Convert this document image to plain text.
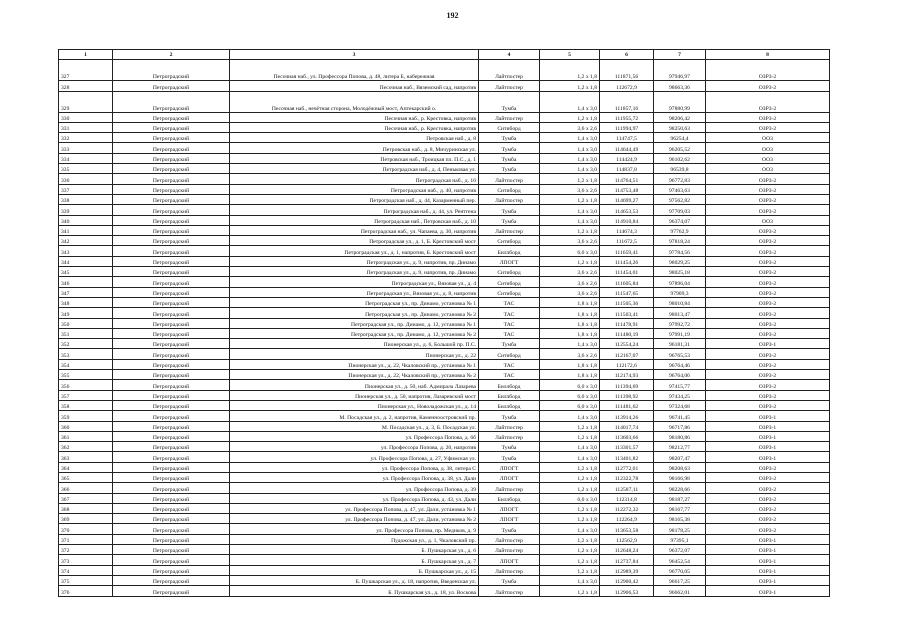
192
1	2	3	4	5	6	7	8
327	Петроградский	Песочная наб., ул. Профессора Попова, д. 48, литера Б, набережная	Лайтпостер	1,2 x 1,8	111871,56	97946,97	ОЗРЗ-2
328	Петроградский	Песочная наб., Вяземский сад, напротив	Лайтпостер	1,2 x 1,8	112672,9	98663,36	ОЗРЗ-2
329	Петроградский	Песочная наб., нечётная сторона, Молодёжный мост, Аптекарский о.	Тумба	1,4 x 3,0	111857,16	97880,99	ОЗРЗ-2
330	Петроградский	Песочная наб., р. Крестовка, напротив	Лайтпостер	1,2 x 1,8	111955,72	98206,42	ОЗРЗ-2
331	Петроградский	Песочная наб., р. Крестовка, напротив	Ситиборд	3,6 x 2,6	111994,97	98250,63	ОЗРЗ-2
332	Петроградский	Петровская наб., д. 8	Тумба	1,4 x 3,0	114747,5	96254,4	ОО3
333	Петроградский	Петровская наб., д. 8, Мичуринская ул.	Тумба	1,4 x 3,0	114644,49	96205,52	ОО3
334	Петроградский	Петровская наб., Троицкая пл. П.С., д. 1	Тумба	1,4 x 3,0	114424,9	96102,62	ОО3
335	Петроградский	Петроградская наб., д. 4, Пеньковая ул.	Тумба	1,4 x 3,0	114837,8	96539,8	ОО3
336	Петроградский	Петроградская наб., д. 16	Лайтпостер	1,2 x 1,8	114764,51	96772,83	ОЗРЗ-2
337	Петроградский	Петроградская наб., д. 40, напротив	Ситиборд	3,6 x 2,6	114753,48	97463,63	ОЗРЗ-2
338	Петроградский	Петроградская наб., д. 44, Казарменный пер.	Лайтпостер	1,2 x 1,8	114699,27	97562,82	ОЗРЗ-2
339	Петроградский	Петроградская наб., д. 44, ул. Рентгена	Тумба	1,4 x 3,0	114653,53	97709,03	ОЗРЗ-2
340	Петроградский	Петроградская наб., Петровская наб., д. 10	Тумба	1,4 x 3,0	114910,84	96374,07	ОО3
341	Петроградский	Петроградская наб., ул. Чапаева, д. 30, напротив	Лайтпостер	1,2 x 1,8	114674,3	97762,9	ОЗРЗ-2
342	Петроградский	Петроградская ул., д. 1, Б. Крестовский мост	Ситиборд	3,6 x 2,6	111672,5	97818,24	ОЗРЗ-2
343	Петроградский	Петроградская ул., д. 1, напротив, Б. Крестовский мост	Биллборд	6,0 x 3,0	111659,41	97784,56	ОЗРЗ-2
344	Петроградский	Петроградская ул., д. 9, напротив, пр. Динамо	ЛПОГТ	1,2 x 1,8	111454,26	98029,25	ОЗРЗ-2
345	Петроградский	Петроградская ул., д. 9, напротив, пр. Динамо	Ситиборд	3,6 x 2,6	111454,01	98025,18	ОЗРЗ-2
346	Петроградский	Петроградская ул., Вязовая ул., д. 4	Ситиборд	3,6 x 2,6	111605,84	97896,04	ОЗРЗ-2
347	Петроградский	Петроградская ул., Вязовая ул., д. 8, напротив	Ситиборд	3,6 x 2,6	111547,65	97909,3	ОЗРЗ-2
348	Петроградский	Петроградская ул., пр. Динамо, установка № 1	ТАС	1,8 x 1,8	111505,36	98010,84	ОЗРЗ-2
349	Петроградский	Петроградская ул., пр. Динамо, установка № 2	ТАС	1,8 x 1,8	111503,41	98013,47	ОЗРЗ-2
350	Петроградский	Петроградская ул., пр. Динамо, д. 12, установка № 1	ТАС	1,8 x 1,8	111478,91	97992,72	ОЗРЗ-2
351	Петроградский	Петроградская ул., пр. Динамо, д. 12, установка № 2	ТАС	1,8 x 1,8	111480,19	97991,19	ОЗРЗ-2
352	Петроградский	Пионерская ул., д. 6, Большой пр. П.С.	Тумба	1,4 x 3,0	112554,24	96181,31	ОЗРЗ-1
353	Петроградский	Пионерская ул., д. 22	Ситиборд	3,6 x 2,6	112167,07	96765,53	ОЗРЗ-2
354	Петроградский	Пионерская ул., д. 22, Чкаловский пр., установка № 1	ТАС	1,8 x 1,8	112172,6	96764,46	ОЗРЗ-2
355	Петроградский	Пионерская ул., д. 22, Чкаловский пр., установка № 2	ТАС	1,8 x 1,8	112174,93	96764,06	ОЗРЗ-2
356	Петроградский	Пионерская ул., д. 50, наб. Адмирала Лазарева	Биллборд	6,0 x 3,0	111394,69	97415,77	ОЗРЗ-2
357	Петроградский	Пионерская ул., д. 50, напротив, Лазаревский мост	Биллборд	6,0 x 3,0	111398,92	97434,25	ОЗРЗ-2
358	Петроградский	Пионерская ул., Новоладожская ул., д. 14	Биллборд	6,0 x 3,0	111481,62	97324,68	ОЗРЗ-2
359	Петроградский	М. Посадская ул., д. 2, напротив, Каменноостровский пр.	Тумба	1,4 x 3,0	113914,26	96741,45	ОЗРЗ-1
360	Петроградский	М. Посадская ул., д. 3, Б. Посадская ул.	Лайтпостер	1,2 x 1,8	114017,74	96717,86	ОЗРЗ-1
361	Петроградский	ул. Профессора Попова, д. 6б	Лайтпостер	1,2 x 1,8	113603,66	98180,86	ОЗРЗ-1
362	Петроградский	ул. Профессора Попова, д. 20, напротив	Тумба	1,4 x 3,0	113301,57	98212,77	ОЗРЗ-1
363	Петроградский	ул. Профессора Попова, д. 27, Уфимская ул.	Тумба	1,4 x 3,0	113401,82	98207,47	ОЗРЗ-1
364	Петроградский	ул. Профессора Попова, д. 38, литера С	ЛПОГТ	1,2 x 1,8	112772,01	98208,63	ОЗРЗ-2
365	Петроградский	ул. Профессора Попова, д. 38, ул. Дали	ЛПОГТ	1,2 x 1,8	112322,78	98166,98	ОЗРЗ-2
366	Петроградский	ул. Профессора Попова, д. 39	Лайтпостер	1,2 x 1,8	112587,11	98228,66	ОЗРЗ-2
367	Петроградский	ул. Профессора Попова, д. 43, ул. Дали	Биллборд	6,0 x 3,0	112314,8	98187,27	ОЗРЗ-2
368	Петроградский	ул. Профессора Попова, д. 47, ул. Дали, установка № 1	ЛПОГТ	1,2 x 1,8	112272,32	98167,77	ОЗРЗ-2
369	Петроградский	ул. Профессора Попова, д. 47, ул. Дали, установка № 2	ЛПОГТ	1,2 x 1,8	112264,9	98165,38	ОЗРЗ-2
370	Петроградский	ул. Профессора Попова, пр. Медиков, д. 9	Тумба	1,4 x 3,0	113653,58	98178,25	ОЗРЗ-2
371	Петроградский	Пудожская ул., д. 1, Чкаловский пр.	Лайтпостер	1,2 x 1,8	112562,9	97395,1	ОЗРЗ-1
372	Петроградский	Б. Пушкарская ул., д. 6	Лайтпостер	1,2 x 1,8	112648,24	96372,07	ОЗРЗ-1
373	Петроградский	Б. Пушкарская ул., д. 7	ЛПОГТ	1,2 x 1,8	112737,84	96452,54	ОЗРЗ-1
374	Петроградский	Б. Пушкарская ул., д. 15	Лайтпостер	1,2 x 1,8	112989,39	96770,05	ОЗРЗ-1
375	Петроградский	Б. Пушкарская ул., д. 18, напротив, Введенская ул.	Тумба	1,4 x 3,0	112900,42	96617,25	ОЗРЗ-1
376	Петроградский	Б. Пушкарская ул., д. 18, ул. Воскова	Лайтпостер	1,2 x 1,8	112906,53	96662,01	ОЗРЗ-1
